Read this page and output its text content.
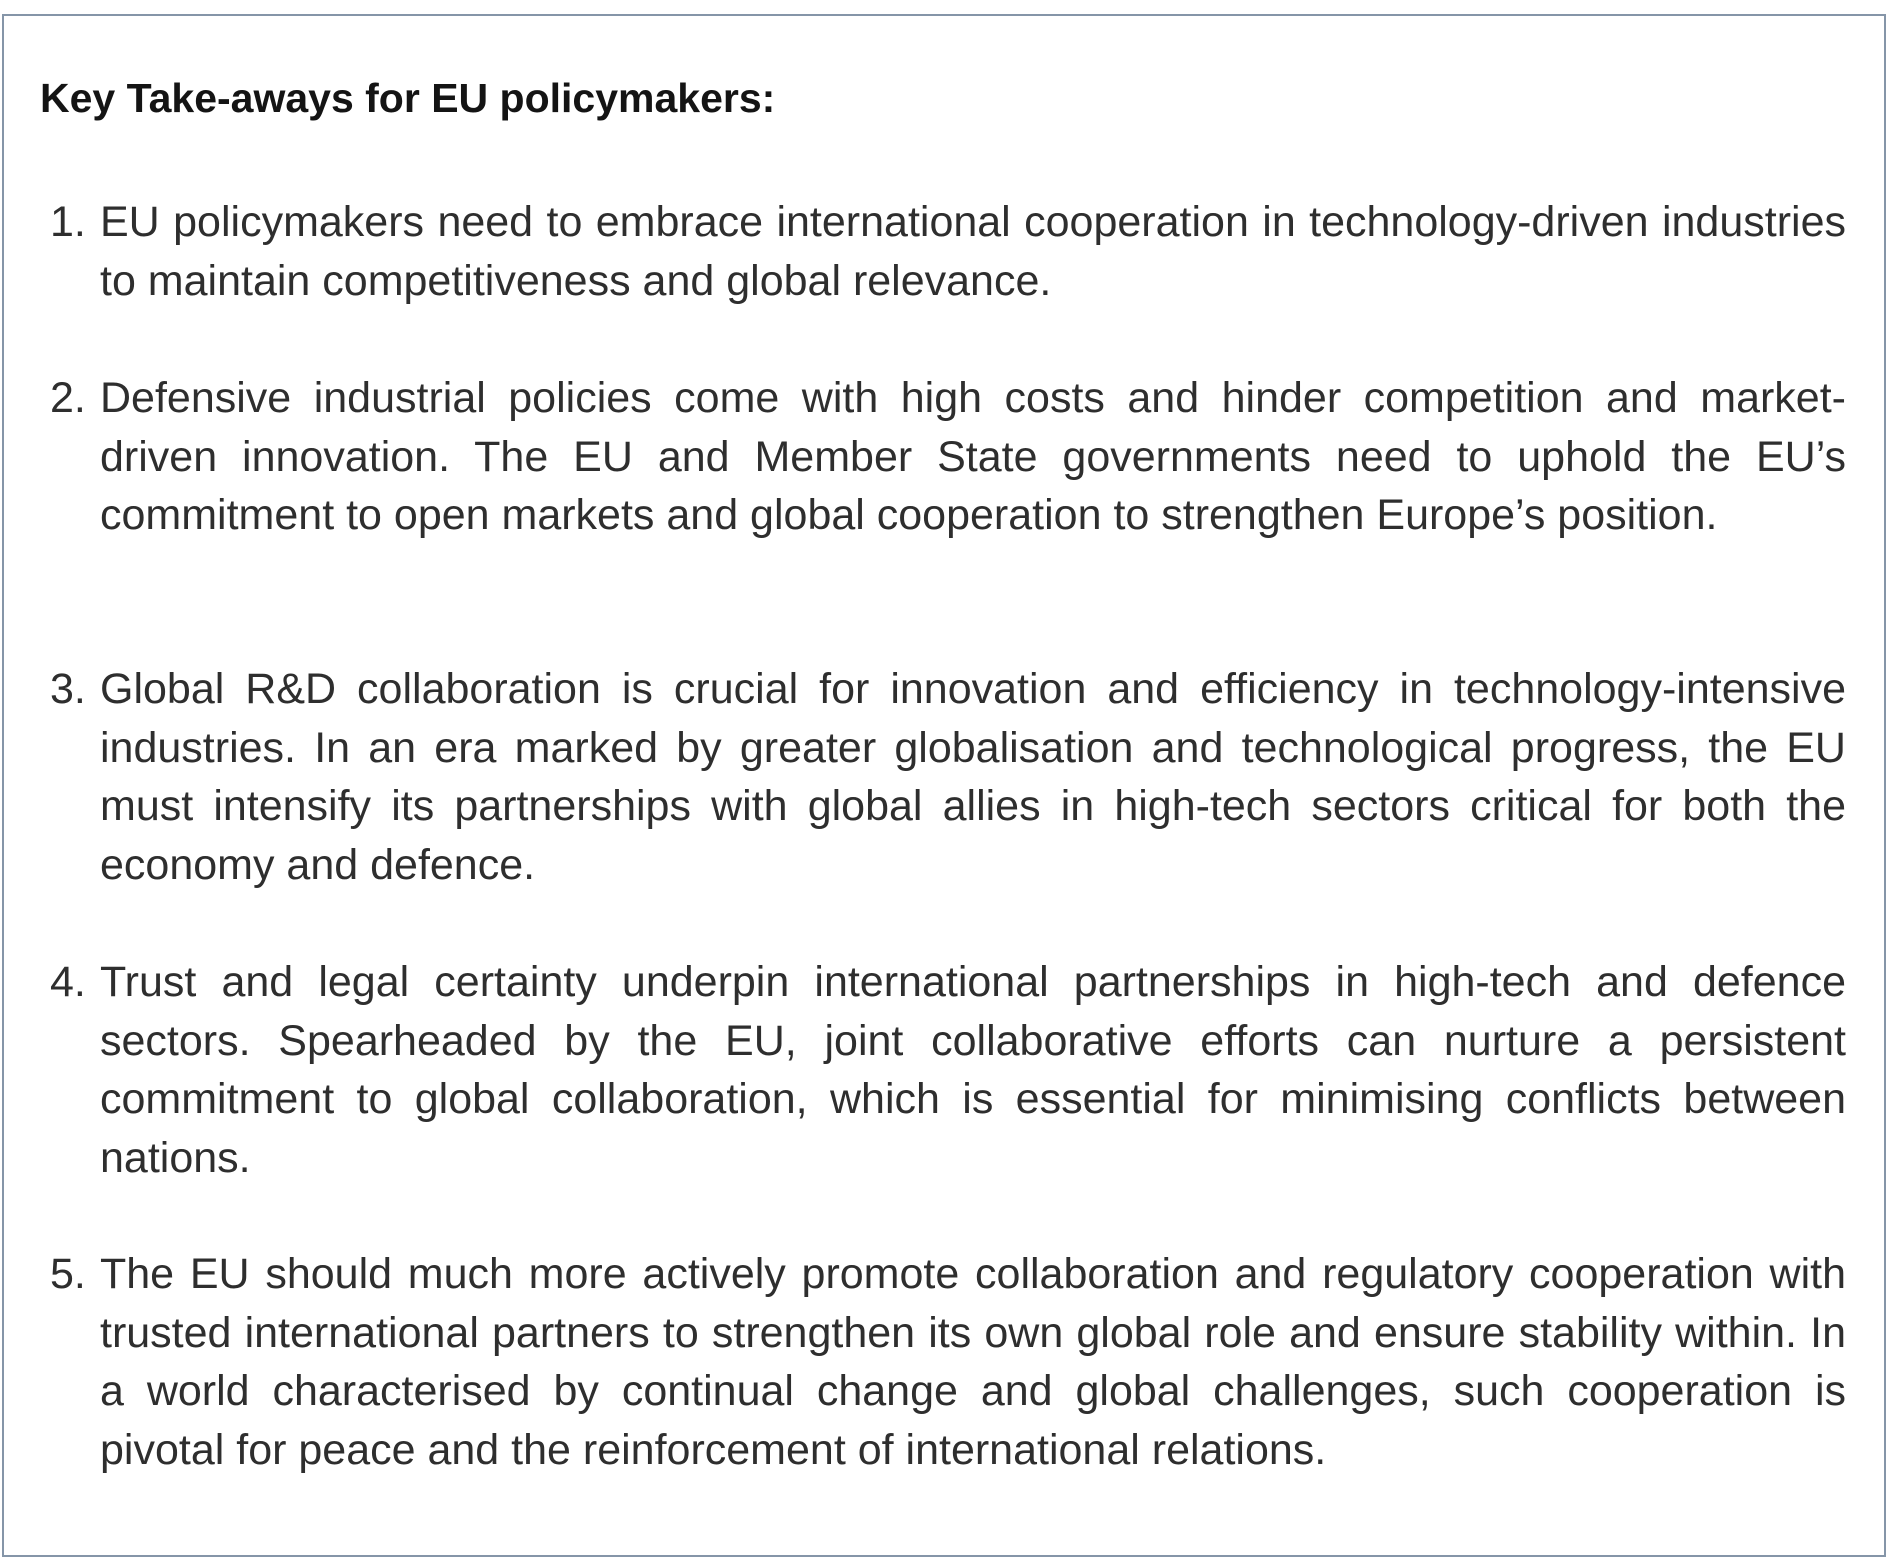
Key Take-aways for EU policymakers:
1. EU policymakers need to embrace international cooperation in technology-driven industries to maintain competitiveness and global relevance.
2. Defensive industrial policies come with high costs and hinder competition and market-driven innovation. The EU and Member State governments need to uphold the EU’s commitment to open markets and global cooperation to strengthen Europe’s position.
3. Global R&D collaboration is crucial for innovation and efficiency in technology-intensive industries. In an era marked by greater globalisation and technological progress, the EU must intensify its partnerships with global allies in high-tech sectors critical for both the economy and defence.
4. Trust and legal certainty underpin international partnerships in high-tech and defence sectors. Spearheaded by the EU, joint collaborative efforts can nurture a persistent commitment to global collaboration, which is essential for minimising conflicts between nations.
5. The EU should much more actively promote collaboration and regulatory cooperation with trusted international partners to strengthen its own global role and ensure stability within. In a world characterised by continual change and global challenges, such cooperation is pivotal for peace and the reinforcement of international relations.
